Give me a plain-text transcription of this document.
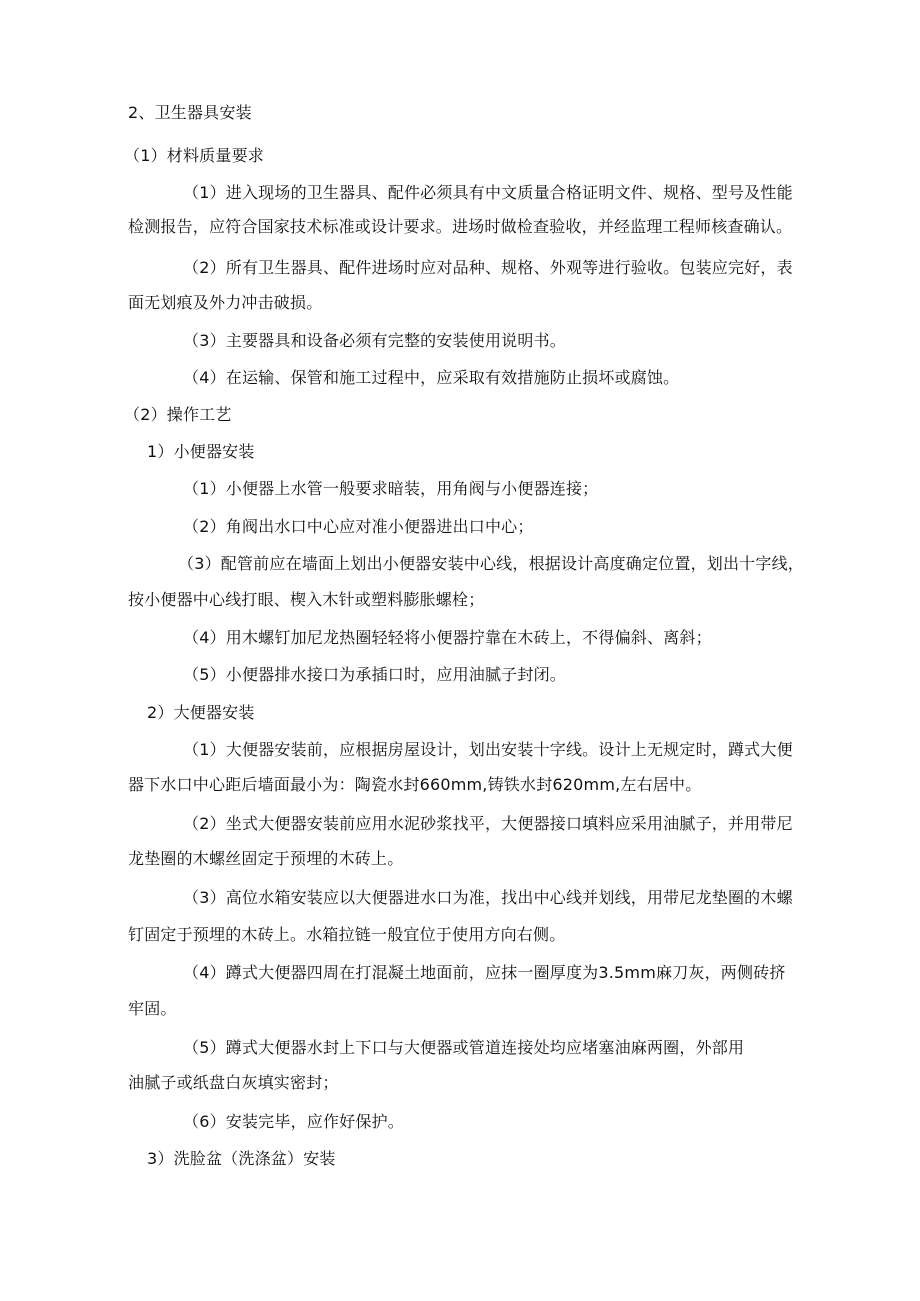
2、卫生器具安装
（1）材料质量要求
（1）进入现场的卫生器具、配件必须具有中文质量合格证明文件、规格、型号及性能
检测报告，应符合国家技术标准或设计要求。进场时做检查验收，并经监理工程师核查确认。
（2）所有卫生器具、配件进场时应对品种、规格、外观等进行验收。包装应完好，表
面无划痕及外力冲击破损。
（3）主要器具和设备必须有完整的安装使用说明书。
（4）在运输、保管和施工过程中，应采取有效措施防止损坏或腐蚀。
（2）操作工艺
1）小便器安装
（1）小便器上水管一般要求暗装，用角阀与小便器连接；
（2）角阀出水口中心应对准小便器进出口中心；
（3）配管前应在墙面上划出小便器安装中心线，根据设计高度确定位置，划出十字线，
按小便器中心线打眼、楔入木针或塑料膨胀螺栓；
（4）用木螺钉加尼龙热圈轻轻将小便器拧靠在木砖上，不得偏斜、离斜；
（5）小便器排水接口为承插口时，应用油腻子封闭。
2）大便器安装
（1）大便器安装前，应根据房屋设计，划出安装十字线。设计上无规定时，蹲式大便
器下水口中心距后墙面最小为：陶瓷水封660mm,铸铁水封620mm,左右居中。
（2）坐式大便器安装前应用水泥砂浆找平，大便器接口填料应采用油腻子，并用带尼
龙垫圈的木螺丝固定于预埋的木砖上。
（3）高位水箱安装应以大便器进水口为准，找出中心线并划线，用带尼龙垫圈的木螺
钉固定于预埋的木砖上。水箱拉链一般宜位于使用方向右侧。
（4）蹲式大便器四周在打混凝土地面前，应抹一圈厚度为3.5mm麻刀灰，两侧砖挤
牢固。
（5）蹲式大便器水封上下口与大便器或管道连接处均应堵塞油麻两圈，外部用
油腻子或纸盘白灰填实密封；
（6）安装完毕，应作好保护。
3）洗脸盆（洗涤盆）安装
